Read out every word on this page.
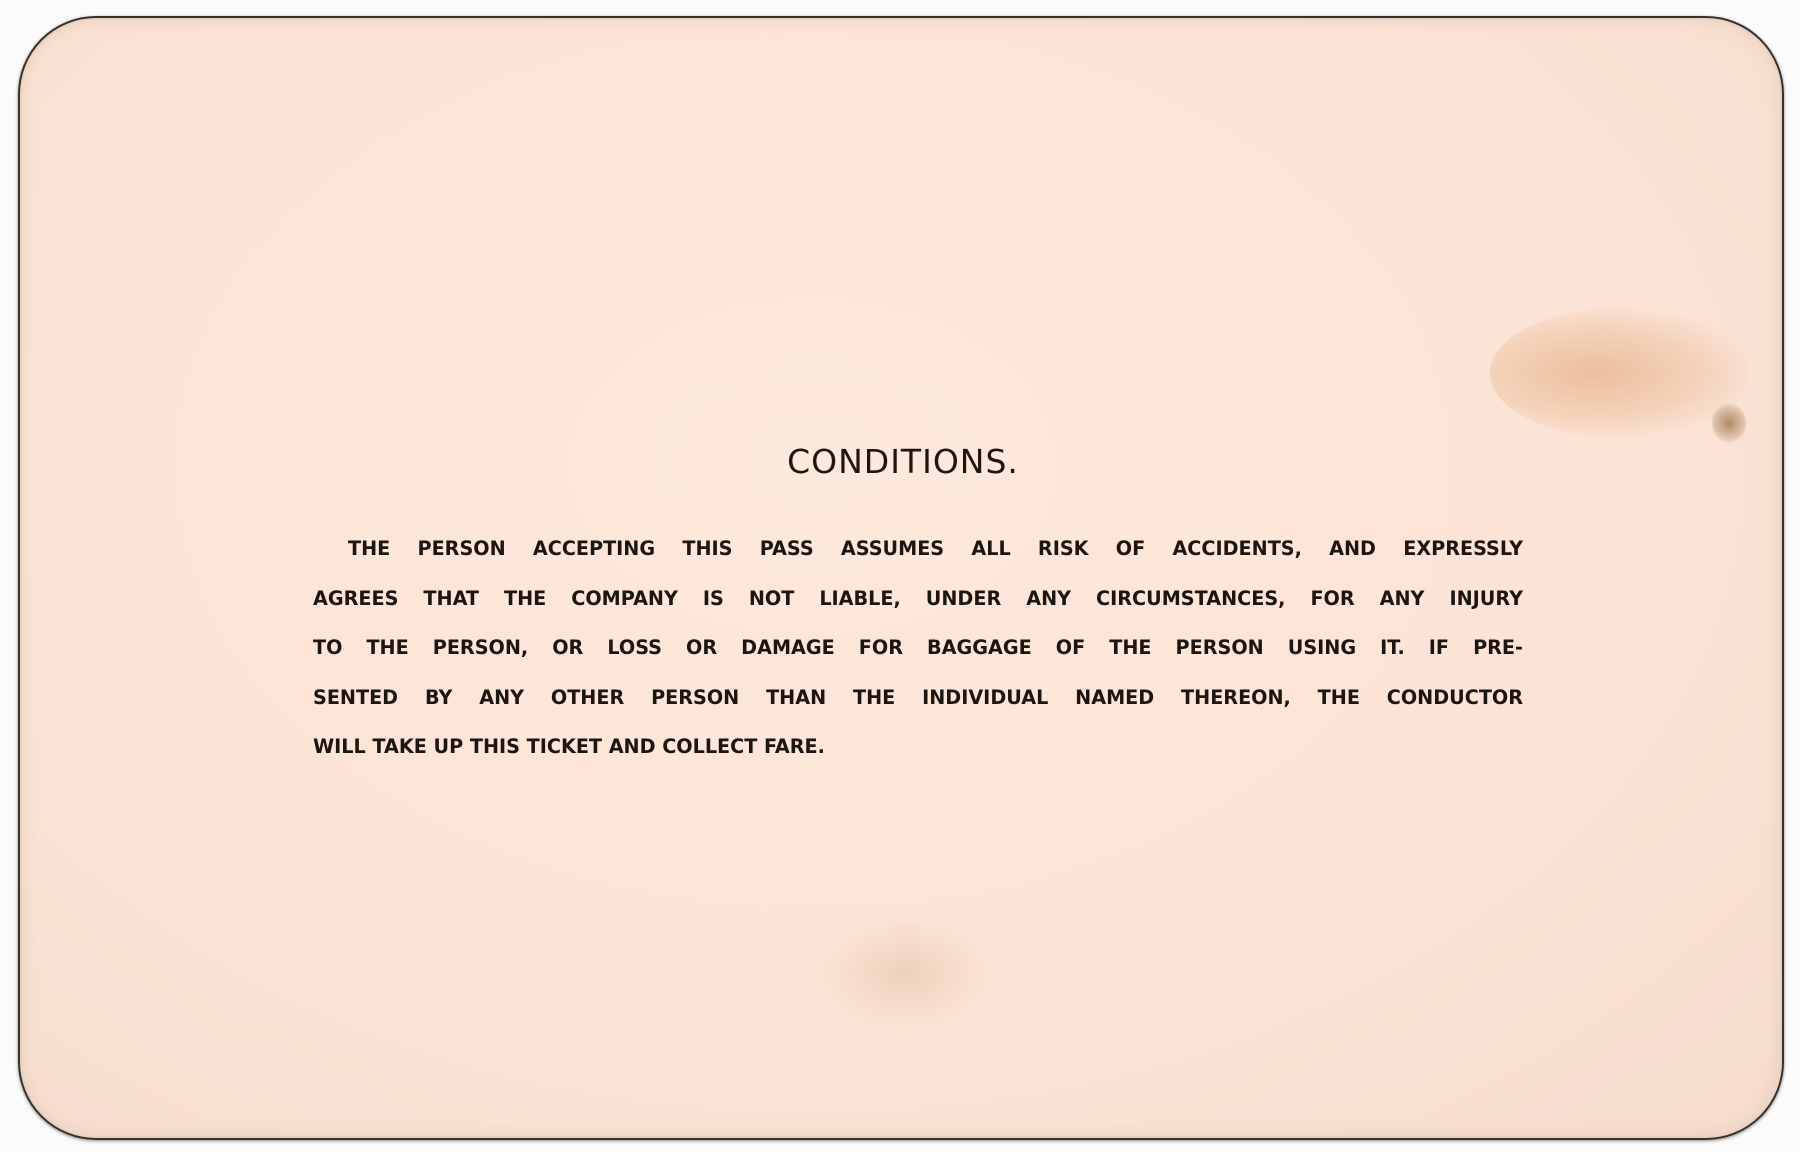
CONDITIONS.
THE PERSON ACCEPTING THIS PASS ASSUMES ALL RISK OF ACCIDENTS, AND EXPRESSLY
AGREES THAT THE COMPANY IS NOT LIABLE, UNDER ANY CIRCUMSTANCES, FOR ANY INJURY
TO THE PERSON, OR LOSS OR DAMAGE FOR BAGGAGE OF THE PERSON USING IT. IF PRE-
SENTED BY ANY OTHER PERSON THAN THE INDIVIDUAL NAMED THEREON, THE CONDUCTOR
WILL TAKE UP THIS TICKET AND COLLECT FARE.
